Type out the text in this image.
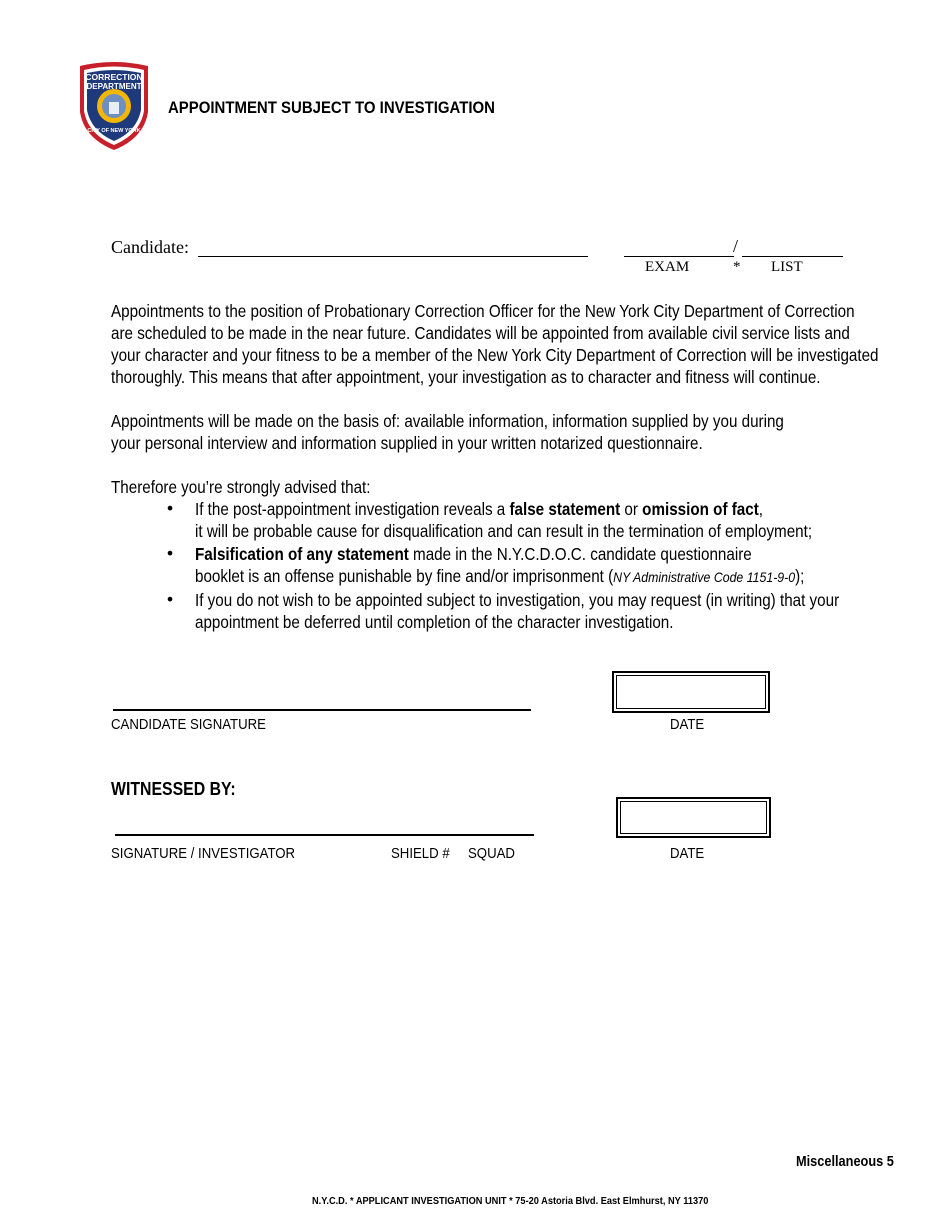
CORRECTION
DEPARTMENT
CITY OF NEW YORK
APPOINTMENT SUBJECT TO INVESTIGATION
Candidate:	/
EXAM	* LIST
Appointments to the position of Probationary Correction Officer for the New York City Department of Correction
are scheduled to be made in the near future. Candidates will be appointed from available civil service lists and
your character and your fitness to be a member of the New York City Department of Correction will be investigated
thoroughly. This means that after appointment, your investigation as to character and fitness will continue.
Appointments will be made on the basis of: available information, information supplied by you during
your personal interview and information supplied in your written notarized questionnaire.
Therefore you’re strongly advised that:
• If the post-appointment investigation reveals a false statement or omission of fact,
it will be probable cause for disqualification and can result in the termination of employment;
• Falsification of any statement made in the N.Y.C.D.O.C. candidate questionnaire
booklet is an offense punishable by fine and/or imprisonment (NY Administrative Code 1151-9-0);
• If you do not wish to be appointed subject to investigation, you may request (in writing) that your
appointment be deferred until completion of the character investigation.
CANDIDATE SIGNATURE	DATE
WITNESSED BY:
SIGNATURE / INVESTIGATOR	SHIELD #	SQUAD	DATE
Miscellaneous 5
N.Y.C.D. * APPLICANT INVESTIGATION UNIT * 75-20 Astoria Blvd. East Elmhurst, NY 11370
